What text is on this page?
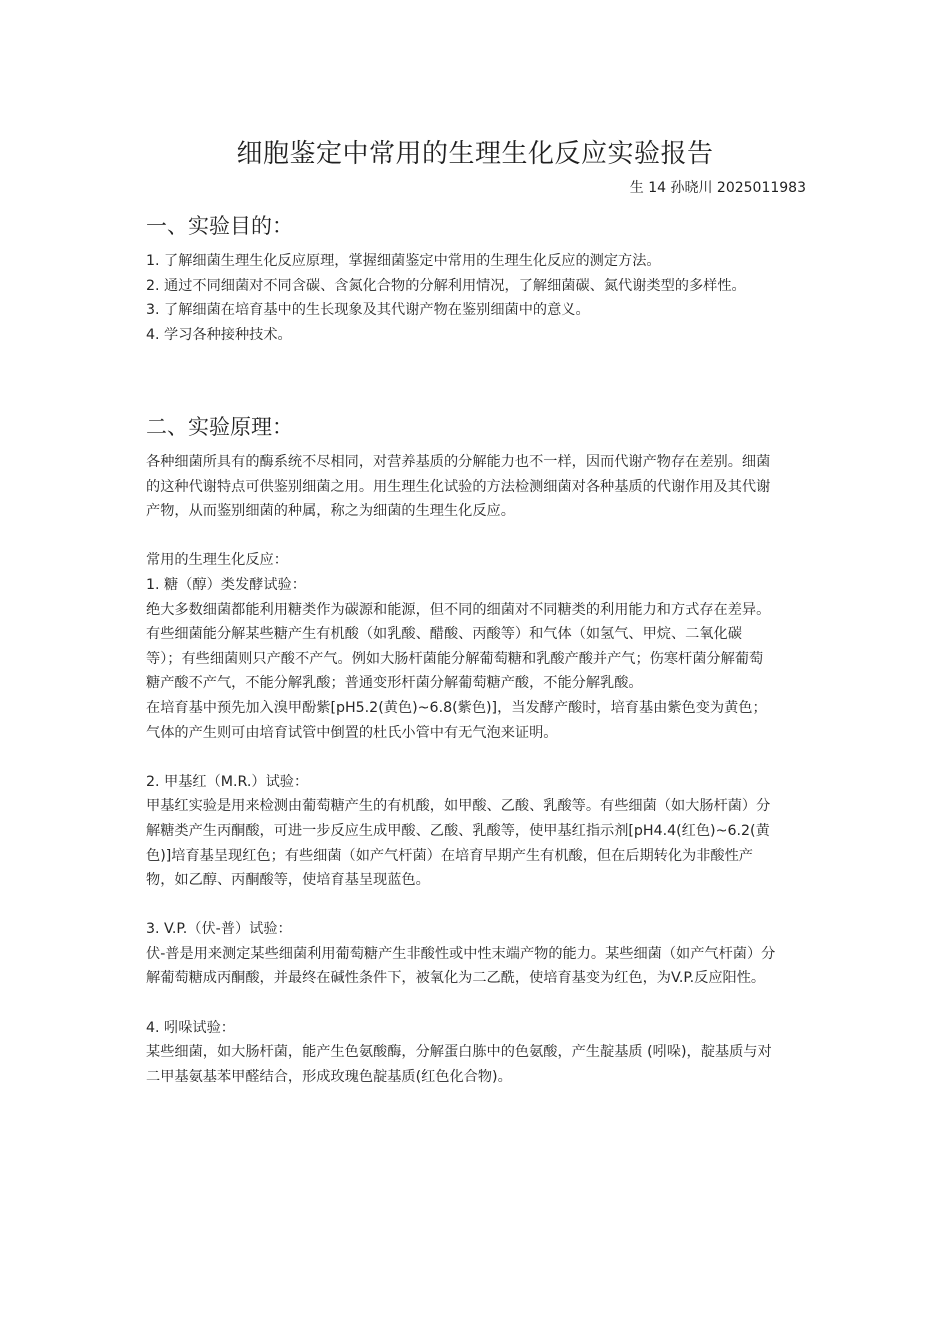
细胞鉴定中常用的生理生化反应实验报告
生 14 孙晓川 2025011983
一、实验目的：

1. 了解细菌生理生化反应原理，掌握细菌鉴定中常用的生理生化反应的测定方法。

2. 通过不同细菌对不同含碳、含氮化合物的分解利用情况，了解细菌碳、氮代谢类型的多样性。

3. 了解细菌在培育基中的生长现象及其代谢产物在鉴别细菌中的意义。

4. 学习各种接种技术。

二、实验原理：

各种细菌所具有的酶系统不尽相同，对营养基质的分解能力也不一样，因而代谢产物存在差别。细菌的这种代谢特点可供鉴别细菌之用。用生理生化试验的方法检测细菌对各种基质的代谢作用及其代谢产物，从而鉴别细菌的种属，称之为细菌的生理生化反应。

常用的生理生化反应：

1. 糖（醇）类发酵试验：

绝大多数细菌都能利用糖类作为碳源和能源，但不同的细菌对不同糖类的利用能力和方式存在差异。有些细菌能分解某些糖产生有机酸（如乳酸、醋酸、丙酸等）和气体（如氢气、甲烷、二氧化碳等）；有些细菌则只产酸不产气。例如大肠杆菌能分解葡萄糖和乳酸产酸并产气；伤寒杆菌分解葡萄糖产酸不产气，不能分解乳酸；普通变形杆菌分解葡萄糖产酸，不能分解乳酸。

在培育基中预先加入溴甲酚紫[pH5.2(黄色)~6.8(紫色)]，当发酵产酸时，培育基由紫色变为黄色；气体的产生则可由培育试管中倒置的杜氏小管中有无气泡来证明。

2. 甲基红（M.R.）试验：

甲基红实验是用来检测由葡萄糖产生的有机酸，如甲酸、乙酸、乳酸等。有些细菌（如大肠杆菌）分解糖类产生丙酮酸，可进一步反应生成甲酸、乙酸、乳酸等，使甲基红指示剂[pH4.4(红色)~6.2(黄色)]培育基呈现红色；有些细菌（如产气杆菌）在培育早期产生有机酸，但在后期转化为非酸性产物，如乙醇、丙酮酸等，使培育基呈现蓝色。

3. V.P.（伏-普）试验：

伏-普是用来测定某些细菌利用葡萄糖产生非酸性或中性末端产物的能力。某些细菌（如产气杆菌）分解葡萄糖成丙酮酸，并最终在碱性条件下，被氧化为二乙酰，使培育基变为红色，为V.P.反应阳性。

4. 吲哚试验：

某些细菌，如大肠杆菌，能产生色氨酸酶，分解蛋白胨中的色氨酸，产生靛基质 (吲哚)，靛基质与对二甲基氨基苯甲醛结合，形成玫瑰色靛基质(红色化合物)。
